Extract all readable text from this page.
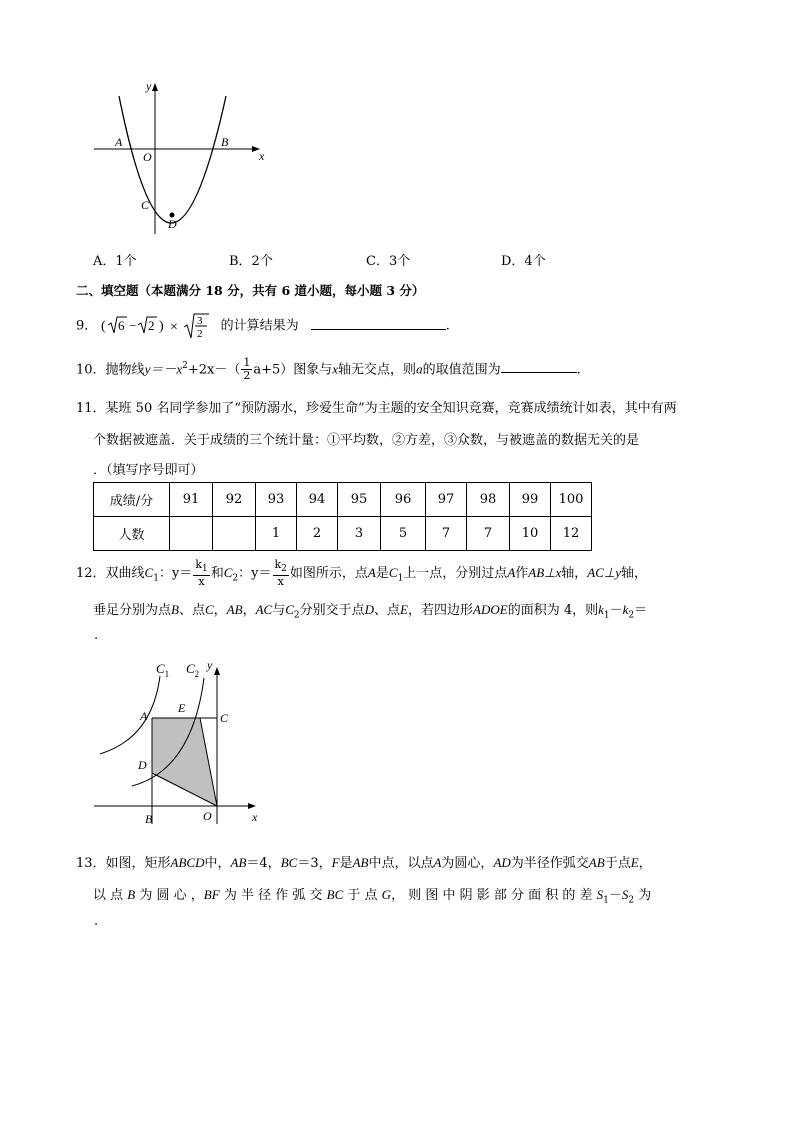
y
x
A
O
B
C
D
A．1个	B．2个	C．3个	D．4个
二、填空题（本题满分 18 分，共有 6 道小题，每小题 3 分）
9． ( 6 − 2 ) × 3
2
的计算结果为	.
10．抛物线$y=-x^2+2x-( \frac{1}{2} a+5)$图象与x轴无交点，则a的取值范围为	.
11．某班 50 名同学参加了“预防溺水，珍爱生命”为主题的安全知识竞赛，竞赛成绩统计如表，其中有两
个数据被遮盖．关于成绩的三个统计量：①平均数，②方差，③众数，与被遮盖的数据无关的是
．（填写序号即可）
成绩/分	91	92	93	94	95	96	97	98	99	100
人数			1	2	3	5	7	7	10	12
12．双曲线$C_1$：$y= \frac{k_1}{x}$ 和$C_2$：$y= \frac{k_2}{x}$ 如图所示，点A是$C_1$上一点，分别过点A作AB⊥x轴，AC⊥y轴，
垂足分别为点B、点C，AB，AC与$C_2$分别交于点D、点E，若四边形ADOE的面积为 4，则$k_1-k_2=$
.
$C_1$ $C_2$
y
A
E
C
D
B	O	x
13．如图，矩形ABCD中，AB＝4，BC＝3，F是AB中点，以点A为圆心，AD为半径作弧交AB于点E，
以 点 B 为 圆 心 ，BF 为 半 径 作 弧 交 BC 于 点 G， 则 图 中 阴 影 部 分 面 积 的 差 $S_1-S_2$ 为
.
